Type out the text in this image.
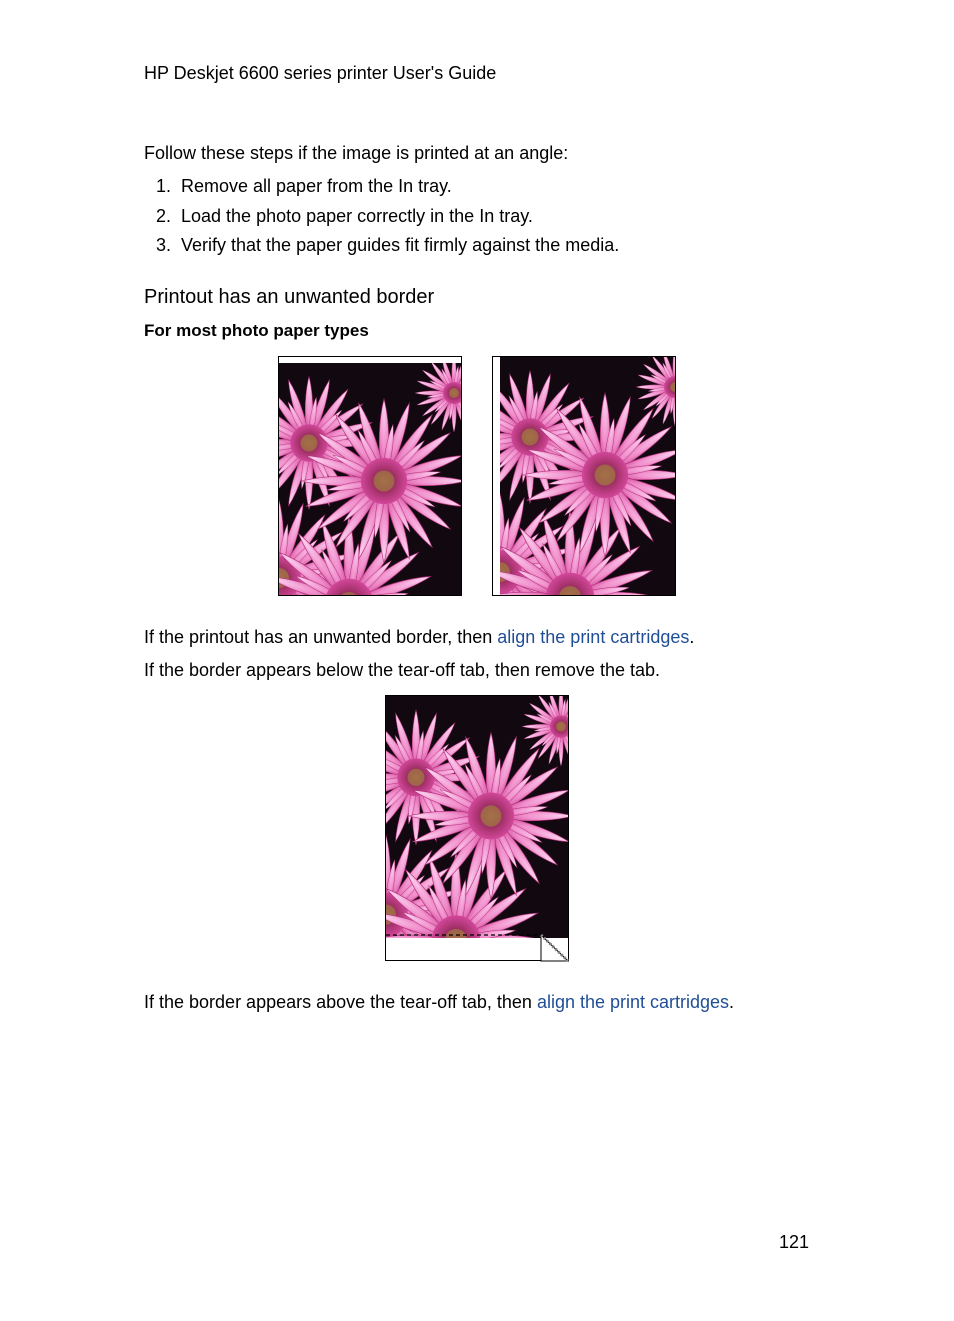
HP Deskjet 6600 series printer User's Guide
Follow these steps if the image is printed at an angle:
1. Remove all paper from the In tray.
2. Load the photo paper correctly in the In tray.
3. Verify that the paper guides fit firmly against the media.
Printout has an unwanted border
For most photo paper types
If the printout has an unwanted border, then align the print cartridges.
If the border appears below the tear-off tab, then remove the tab.
If the border appears above the tear-off tab, then align the print cartridges.
121
